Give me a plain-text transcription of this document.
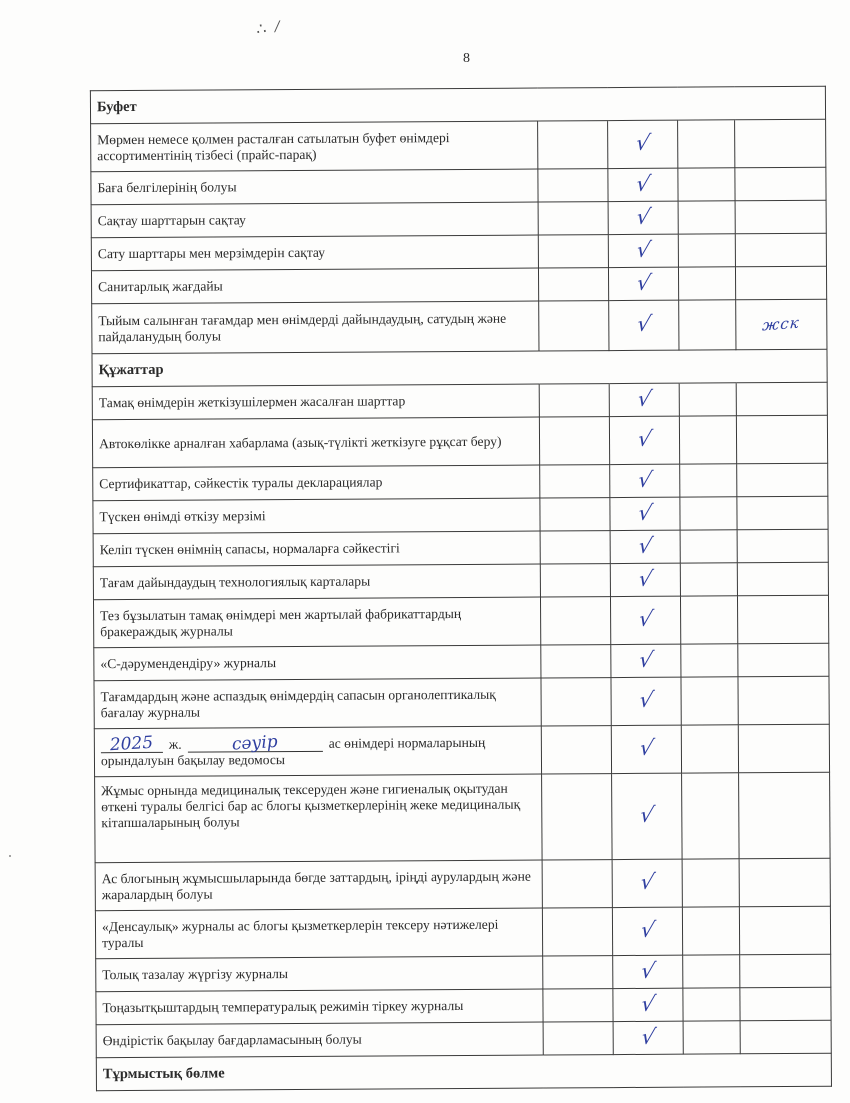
∴ ⁄
8
Буфет				
Мөрмен немесе қолмен расталған сатылатын буфет өнімдері ассортиментінің тізбесі (прайс-парақ)		√		
Баға белгілерінің болуы		√		
Сақтау шарттарын сақтау		√		
Сату шарттары мен мерзімдерін сақтау		√		
Санитарлық жағдайы		√		
Тыйым салынған тағамдар мен өнімдерді дайындаудың, сатудың және пайдаланудың болуы		√		жск
Құжаттар				
Тамақ өнімдерін жеткізушілермен жасалған шарттар		√		
Автокөлікке арналған хабарлама (азық-түлікті жеткізуге рұқсат беру)		√		
Сертификаттар, сәйкестік туралы декларациялар		√		
Түскен өнімді өткізу мерзімі		√		
Келіп түскен өнімнің сапасы, нормаларға сәйкестігі		√		
Тағам дайындаудың технологиялық карталары		√		
Тез бұзылатын тамақ өнімдері мен жартылай фабрикаттардың бракераждық журналы		√		
«С-дәрумендендіру» журналы		√		
Тағамдардың және аспаздық өнімдердің сапасын органолептикалық бағалау журналы		√		

2025 ж. сәуір ас өнімдері нормаларының
орындалуын бақылау ведомосы		√		
Жұмыс орнында медициналық тексеруден және гигиеналық оқытудан өткені туралы белгісі бар ас блогы қызметкерлерінің жеке медициналық кітапшаларының болуы		√		
Ас блогының жұмысшыларында бөгде заттардың, іріңді аурулардың және жаралардың болуы		√		
«Денсаулық» журналы ас блогы қызметкерлерін тексеру нәтижелері туралы		√		
Толық тазалау жүргізу журналы		√		
Тоңазытқыштардың температуралық режимін тіркеу журналы		√		
Өндірістік бақылау бағдарламасының болуы		√		
Тұрмыстық бөлме				
